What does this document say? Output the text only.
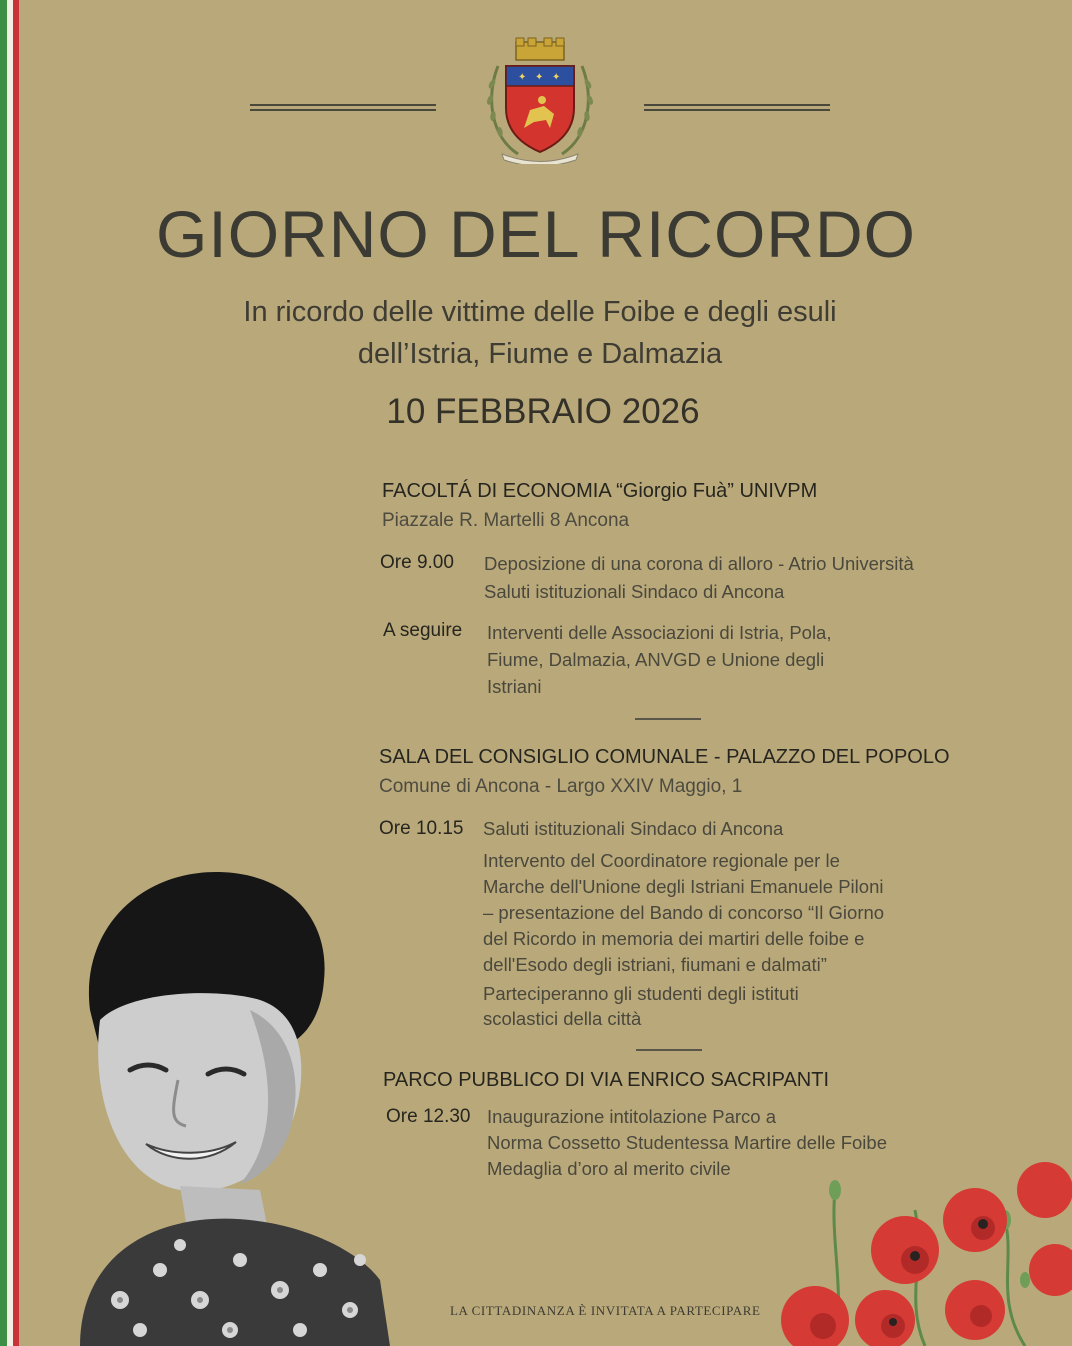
✦ ✦ ✦
GIORNO DEL RICORDO
In ricordo delle vittime delle Foibe e degli esuli
dell’Istria, Fiume e Dalmazia
10 FEBBRAIO 2026
FACOLTÁ DI ECONOMIA “Giorgio Fuà” UNIVPM
Piazzale R. Martelli 8 Ancona
Ore 9.00 Deposizione di una corona di alloro - Atrio Università
Saluti istituzionali Sindaco di Ancona
A seguire Interventi delle Associazioni di Istria, Pola,
Fiume, Dalmazia, ANVGD e Unione degli
Istriani
SALA DEL CONSIGLIO COMUNALE - PALAZZO DEL POPOLO
Comune di Ancona - Largo XXIV Maggio, 1
Ore 10.15 Saluti istituzionali Sindaco di Ancona
Intervento del Coordinatore regionale per le
Marche dell'Unione degli Istriani Emanuele Piloni
– presentazione del Bando di concorso “Il Giorno
del Ricordo in memoria dei martiri delle foibe e
dell'Esodo degli istriani, fiumani e dalmati”
Parteciperanno gli studenti degli istituti
scolastici della città
PARCO PUBBLICO DI VIA ENRICO SACRIPANTI
Ore 12.30 Inaugurazione intitolazione Parco a
Norma Cossetto Studentessa Martire delle Foibe
Medaglia d’oro al merito civile
LA CITTADINANZA È INVITATA A PARTECIPARE
